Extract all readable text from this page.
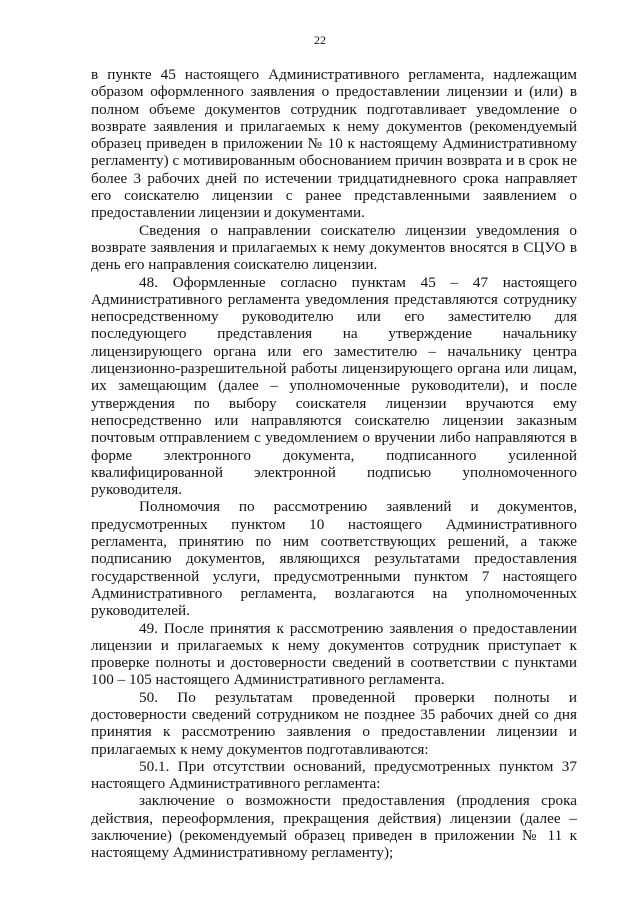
22

в пункте 45 настоящего Административного регламента, надлежащим образом оформленного заявления о предоставлении лицензии и (или) в полном объеме документов сотрудник подготавливает уведомление о возврате заявления и прилагаемых к нему документов (рекомендуемый образец приведен в приложении № 10 к настоящему Административному регламенту) с мотивированным обоснованием причин возврата и в срок не более 3 рабочих дней по истечении тридцатидневного срока направляет его соискателю лицензии с ранее представленными заявлением о предоставлении лицензии и документами.

Сведения о направлении соискателю лицензии уведомления о возврате заявления и прилагаемых к нему документов вносятся в СЦУО в день его направления соискателю лицензии.

48. Оформленные согласно пунктам 45 – 47 настоящего Административного регламента уведомления представляются сотруднику непосредственному руководителю или его заместителю для последующего представления на утверждение начальнику лицензирующего органа или его заместителю – начальнику центра лицензионно-разрешительной работы лицензирующего органа или лицам, их замещающим (далее – уполномоченные руководители), и после утверждения по выбору соискателя лицензии вручаются ему непосредственно или направляются соискателю лицензии заказным почтовым отправлением с уведомлением о вручении либо направляются в форме электронного документа, подписанного усиленной квалифицированной электронной подписью уполномоченного руководителя.

Полномочия по рассмотрению заявлений и документов, предусмотренных пунктом 10 настоящего Административного регламента, принятию по ним соответствующих решений, а также подписанию документов, являющихся результатами предоставления государственной услуги, предусмотренными пунктом 7 настоящего Административного регламента, возлагаются на уполномоченных руководителей.

49. После принятия к рассмотрению заявления о предоставлении лицензии и прилагаемых к нему документов сотрудник приступает к проверке полноты и достоверности сведений в соответствии с пунктами 100 – 105 настоящего Административного регламента.

50. По результатам проведенной проверки полноты и достоверности сведений сотрудником не позднее 35 рабочих дней со дня принятия к рассмотрению заявления о предоставлении лицензии и прилагаемых к нему документов подготавливаются:

50.1. При отсутствии оснований, предусмотренных пунктом 37 настоящего Административного регламента:

заключение о возможности предоставления (продления срока действия, переоформления, прекращения действия) лицензии (далее – заключение) (рекомендуемый образец приведен в приложении № 11 к настоящему Административному регламенту);
